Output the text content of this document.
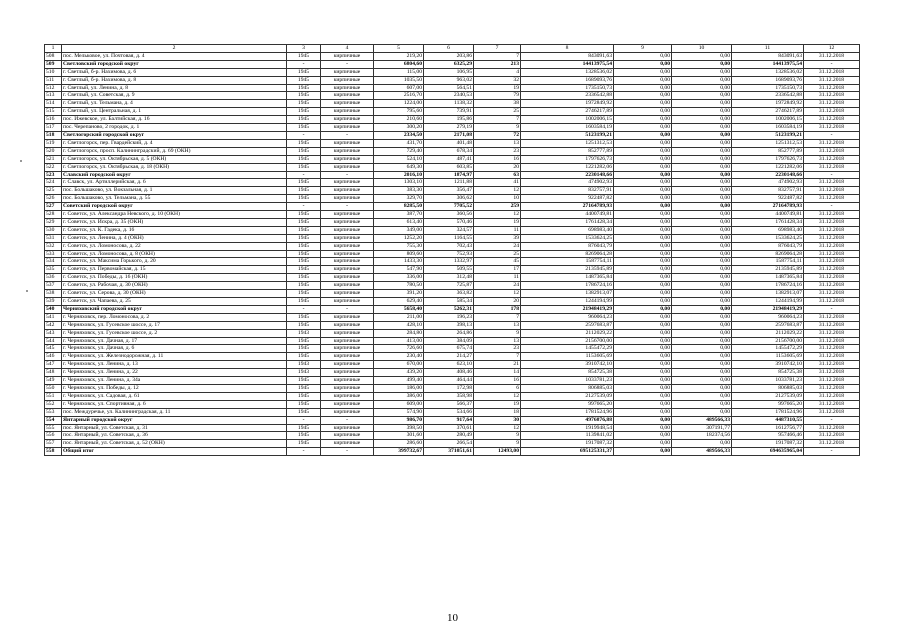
1	2	3	4	5	6	7	8	9	10	11	12
508	пос. Мельковое, ул. Почтовая, д. 4	1945	кирпичные	219,20	203,86	7	843091,63	0,00	0,00	843091,63	31.12.2018
509	Светловский городской округ	-	-	6804,60	6325,29	213	14413975,54	0,00	0,00	14413975,54	-
510	г. Светлый, б-р. Нахимова, д. 6	1945	кирпичные	115,00	106,95	4	1328536,02	0,00	0,00	1328536,02	31.12.2018
511	г. Светлый, б-р. Нахимова, д. 8	1945	кирпичные	1035,50	963,02	32	1689093,76	0,00	0,00	1689093,76	31.12.2018
512	г. Светлый, ул. Ленина, д. 8	1945	кирпичные	607,00	564,51	19	1735150,73	0,00	0,00	1735150,73	31.12.2018
513	г. Светлый, ул. Советская, д. 9	1945	кирпичные	2516,70	2340,53	79	2336542,88	0,00	0,00	2336542,88	31.12.2018
514	г. Светлый, ул. Тельмана, д. 4	1945	кирпичные	1224,00	1138,32	38	1972849,92	0,00	0,00	1972849,92	31.12.2018
515	г. Светлый, ул. Центральная, д. 1	1945	кирпичные	795,60	739,91	25	2746217,89	0,00	0,00	2746217,89	31.12.2018
516	пос. Ижевское, ул. Балтийская, д. 16	1945	кирпичные	210,60	195,86	7	1002006,15	0,00	0,00	1002006,15	31.12.2018
517	пос. Черепаново, 2 городок, д. 1	1945	кирпичные	300,20	279,19	9	1603584,19	0,00	0,00	1603584,19	31.12.2018
518	Светлогорский городской округ	-	-	2334,50	2171,08	72	5123199,21	0,00	0,00	5123199,21	-
519	г. Светлогорск, пер. Гвардейский, д. 4	1945	кирпичные	431,70	401,48	13	1251312,53	0,00	0,00	1251312,53	31.12.2018
520	г. Светлогорск, просп. Калининградский, д. 69 (ОКН)	1945	кирпичные	729,40	678,34	23	852777,89	0,00	0,00	852777,89	31.12.2018
521	г. Светлогорск, ул. Октябрьская, д. 5 (ОКН)	1945	кирпичные	524,10	487,41	16	1797626,73	0,00	0,00	1797626,73	31.12.2018
522	г. Светлогорск, ул. Октябрьская, д. 18 (ОКН)	1945	кирпичные	649,30	603,85	20	1221282,06	0,00	0,00	1221282,06	31.12.2018
523	Славский городской округ	-	-	2016,10	1874,97	63	2230148,66	0,00	0,00	2230148,66	-
524	г. Славск, ул. Артиллерийская, д. 6	1945	кирпичные	1303,10	1211,88	41	474902,93	0,00	0,00	474902,93	31.12.2018
525	пос. Большаково, ул. Вокзальная, д. 1	1945	кирпичные	383,30	356,47	12	832757,91	0,00	0,00	832757,91	31.12.2018
526	пос. Большаково, ул. Тельмана, д. 55	1945	кирпичные	329,70	306,62	10	922487,82	0,00	0,00	922487,82	31.12.2018
527	Советский городской округ	-	-	8285,50	7705,52	259	27164789,93	0,00	0,00	27164789,93	-
528	г. Советск, ул. Александра Невского, д. 10 (ОКН)	1945	кирпичные	387,70	360,56	12	4400749,81	0,00	0,00	4400749,81	31.12.2018
529	г. Советск, ул. Искра, д. 35 (ОКН)	1945	кирпичные	613,40	570,46	19	1761428,34	0,00	0,00	1761428,34	31.12.2018
530	г. Советск, ул. К. Гадека, д. 16	1945	кирпичные	349,00	324,57	11	698983,40	0,00	0,00	698983,40	31.12.2018
531	г. Советск, ул. Ленина, д. 4 (ОКН)	1945	кирпичные	1252,20	1164,55	39	1533624,25	0,00	0,00	1533624,25	31.12.2018
532	г. Советск, ул. Ломоносова, д. 22	1945	кирпичные	755,30	702,43	24	876043,79	0,00	0,00	876043,79	31.12.2018
533	г. Советск, ул. Ломоносова, д. 8 (ОКН)	1945	кирпичные	809,60	752,93	25	8269064,28	0,00	0,00	8269064,28	31.12.2018
534	г. Советск, ул. Максима Горького, д. 20	1945	кирпичные	1433,30	1332,97	45	1587754,11	0,00	0,00	1587754,11	31.12.2018
535	г. Советск, ул. Первомайская, д. 15	1945	кирпичные	547,90	509,55	17	2135945,89	0,00	0,00	2135945,89	31.12.2018
536	г. Советск, ул. Победы, д. 16 (ОКН)	1945	кирпичные	336,00	312,48	11	1487365,84	0,00	0,00	1487365,84	31.12.2018
537	г. Советск, ул. Рабочая, д. 30 (ОКН)	1945	кирпичные	780,50	725,87	24	1786724,16	0,00	0,00	1786724,16	31.12.2018
538	г. Советск, ул. Серова, д. 30 (ОКН)	1945	кирпичные	391,20	363,82	12	1382913,07	0,00	0,00	1382913,07	31.12.2018
539	г. Советск, ул. Чапаева, д. 25	1945	кирпичные	629,40	585,34	20	1244194,99	0,00	0,00	1244194,99	31.12.2018
540	Черняховский городской округ	-	-	5658,40	5262,31	178	21948419,29	0,00	0,00	21948419,29	-
541	г. Черняховск, пер. Ломоносова, д. 2	1945	кирпичные	211,00	196,23	7	960064,23	0,00	0,00	960064,23	31.12.2018
542	г. Черняховск, ул. Гусевское шоссе, д. 17	1945	кирпичные	428,10	398,13	13	2597683,87	0,00	0,00	2597683,87	31.12.2018
543	г. Черняховск, ул. Гусевское шоссе, д. 2	1943	кирпичные	284,80	264,86	9	2112029,22	0,00	0,00	2112029,22	31.12.2018
544	г. Черняховск, ул. Дачная, д. 17	1945	кирпичные	413,00	384,09	13	2156700,00	0,00	0,00	2156700,00	31.12.2018
545	г. Черняховск, ул. Дачная, д. 6	1945	кирпичные	726,60	675,74	23	1455472,29	0,00	0,00	1455472,29	31.12.2018
546	г. Черняховск, ул. Железнодорожная, д. 11	1945	кирпичные	230,40	214,27	7	1153605,69	0,00	0,00	1153605,69	31.12.2018
547	г. Черняховск, ул. Ленина, д. 13	1943	кирпичные	670,00	623,10	21	3910742,10	0,00	0,00	3910742,10	31.12.2018
548	г. Черняховск, ул. Ленина, д. 22	1943	кирпичные	439,20	408,46	14	854725,38	0,00	0,00	854725,38	31.12.2018
549	г. Черняховск, ул. Ленина, д. 34а	1945	кирпичные	499,40	464,44	16	1033781,23	0,00	0,00	1033781,23	31.12.2018
550	г. Черняховск, ул. Победы, д. 12	1945	кирпичные	186,00	172,98	6	806885,03	0,00	0,00	806885,03	31.12.2018
551	г. Черняховск, ул. Садовая, д. 61	1945	кирпичные	386,00	358,98	12	2127539,09	0,00	0,00	2127539,09	31.12.2018
552	г. Черняховск, ул. Спортивная, д. 6	1945	кирпичные	609,00	566,37	19	997665,20	0,00	0,00	997665,20	31.12.2018
553	пос. Междуречье, ул. Калининградская, д. 11	1945	кирпичные	574,90	534,66	18	1781524,96	0,00	0,00	1781524,96	31.12.2018
554	Янтарный городской округ	-	-	986,70	917,64	30	4976876,88	0,00	489566,33	4487310,55	-
555	пос. Янтарный, ул. Советская, д. 31	1945	кирпичные	398,50	370,61	12	1919948,54	0,00	307191,77	1612756,77	31.12.2018
556	пос. Янтарный, ул. Советская, д. 36	1945	кирпичные	301,60	280,49	9	1139841,02	0,00	182374,56	957466,46	31.12.2018
557	пос. Янтарный, ул. Советская, д. 52 (ОКН)	1945	кирпичные	286,60	266,54	9	1917087,32	0,00	0,00	1917087,32	31.12.2018
558	Общий итог	-	-	399732,67	371051,61	12493,00	695125331,37	0,00	489566,33	694635965,04	-
10
